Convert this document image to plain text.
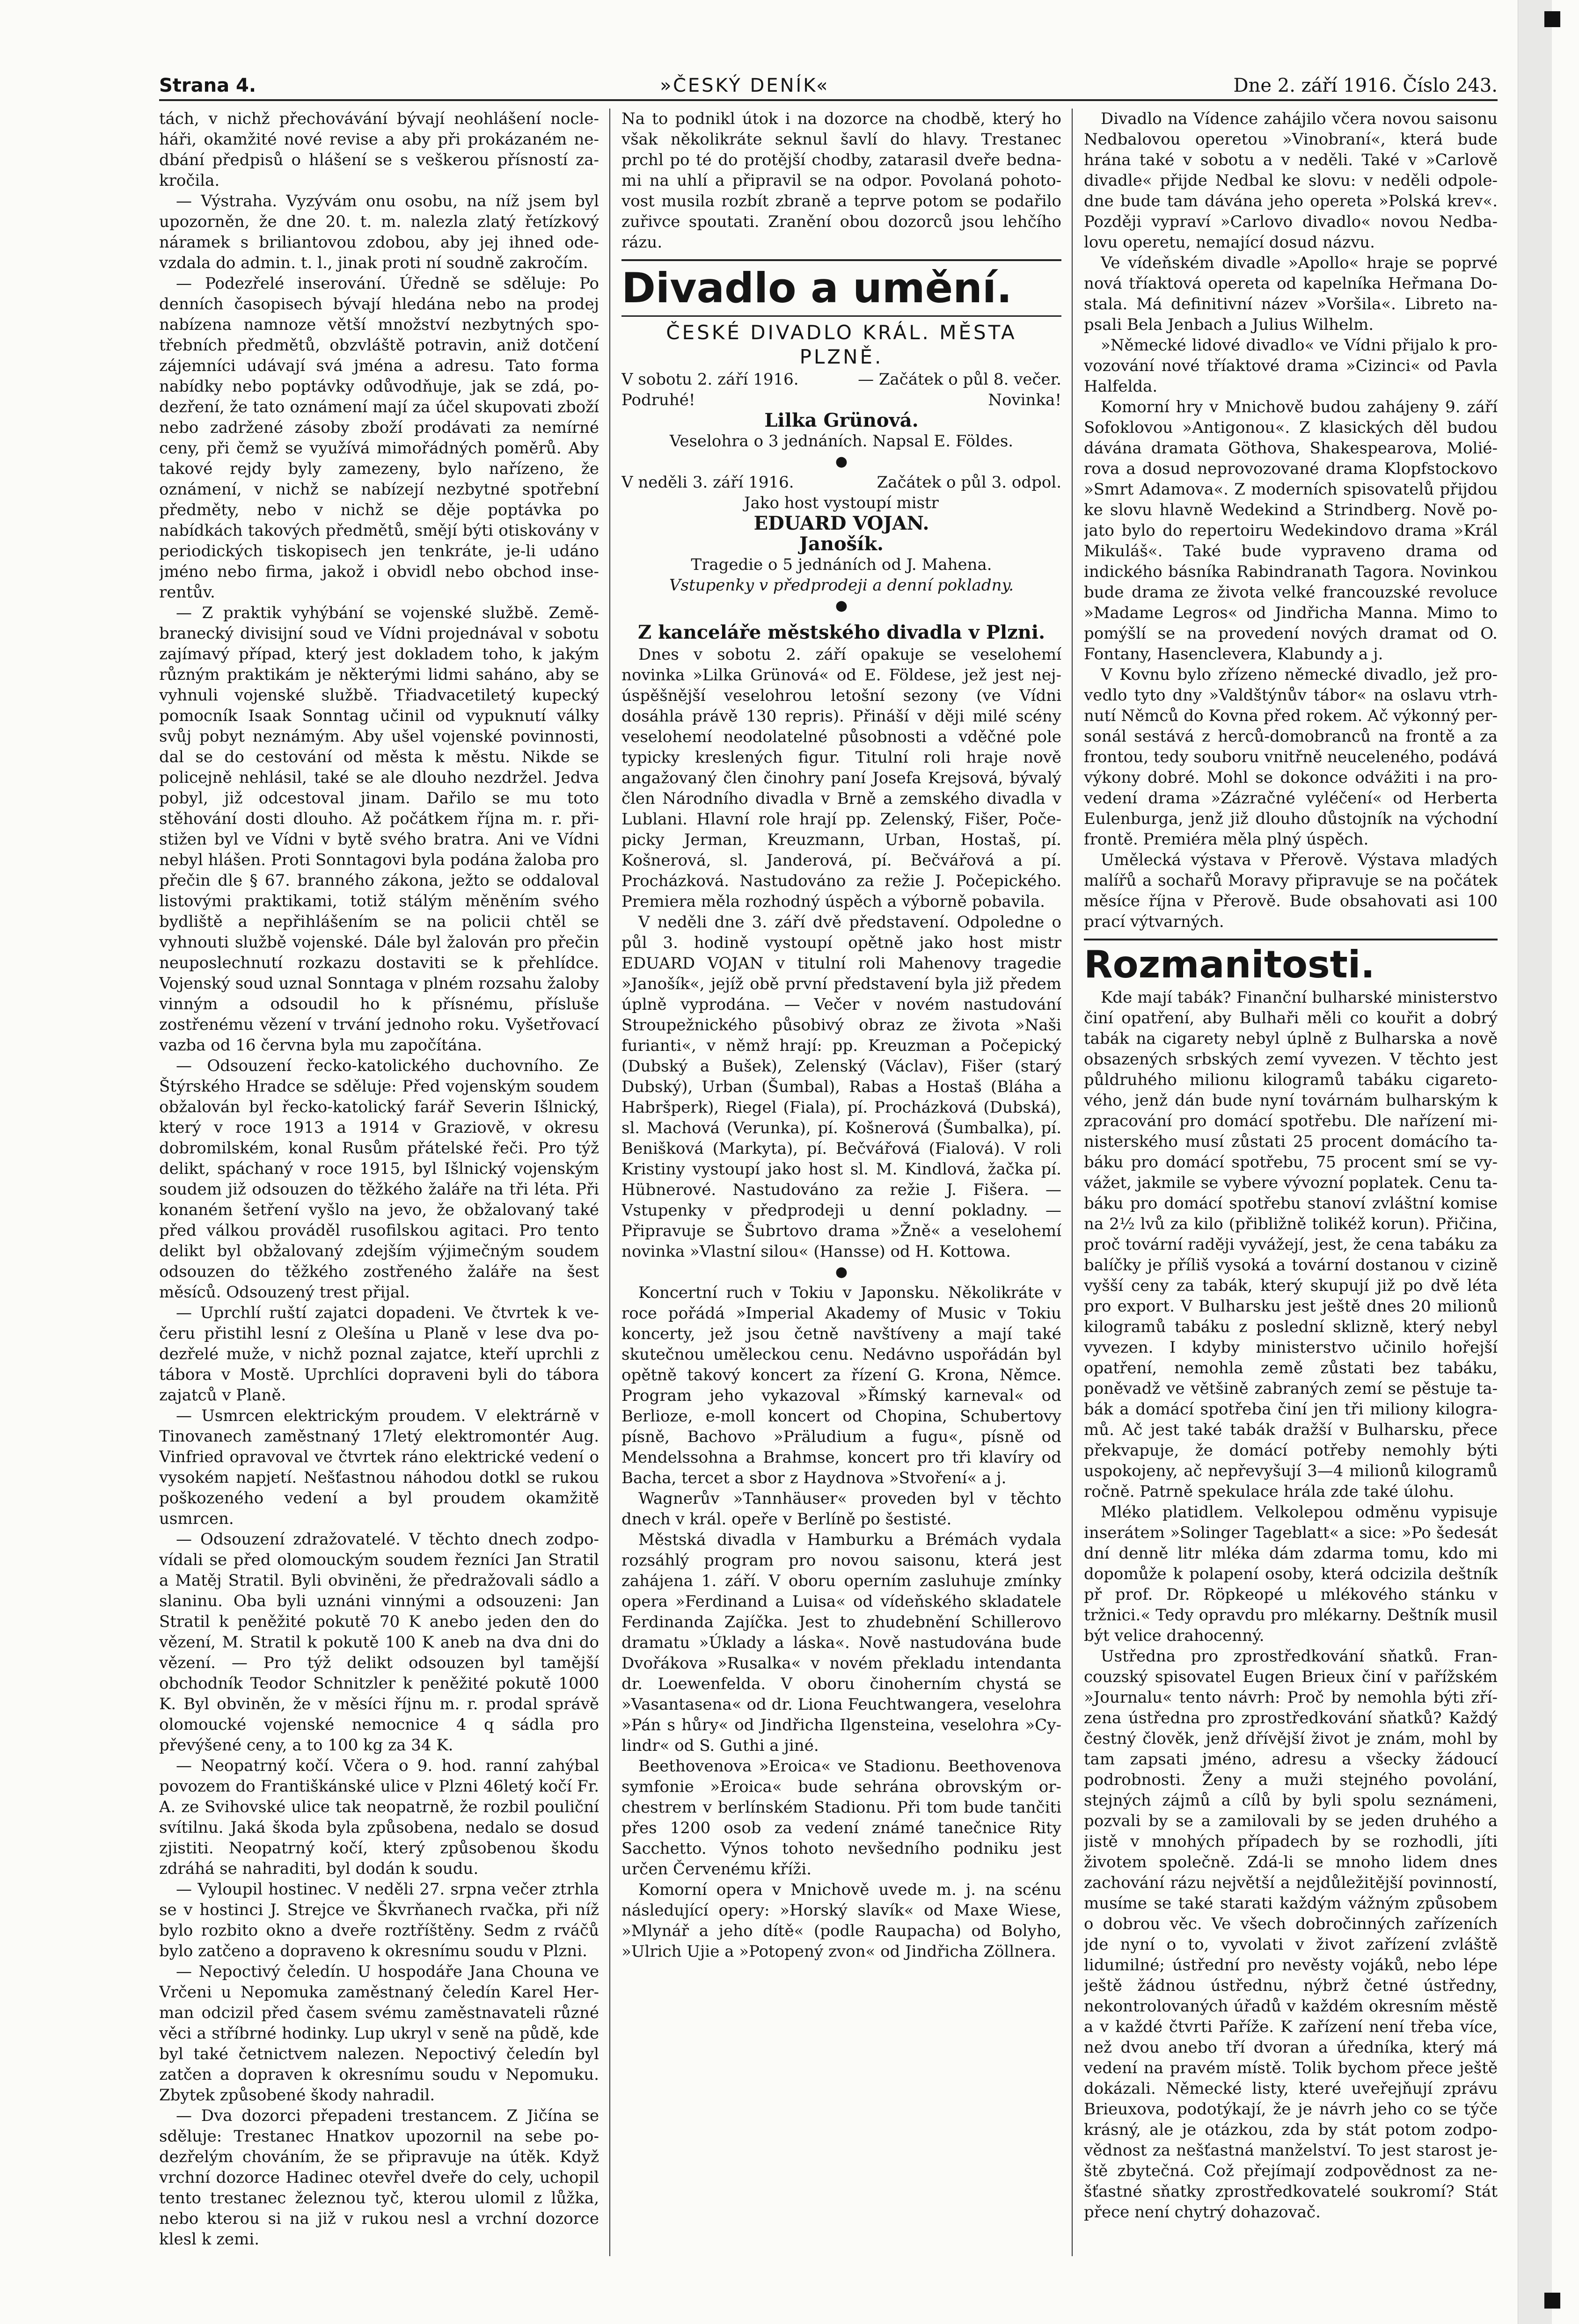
Strana 4.	»ČESKÝ DENÍK«	Dne 2. září 1916. Číslo 243.

tách, v nichž přechovávání bývají neohlášení nocleháři, okamžité nové revise a aby při prokázaném nedbání předpisů o hlášení se s veškerou přísností zakročila.

— Výstraha. Vyzývám onu osobu, na níž jsem byl upozorněn, že dne 20. t. m. nalezla zlatý řetízkový náramek s briliantovou zdobou, aby jej ihned odevzdala do admin. t. l., jinak proti ní soudně zakročím.

— Podezřelé inserování. Úředně se sděluje: Po denních časopisech bývají hledána nebo na prodej nabízena namnoze větší množství nezbytných spotřebních předmětů, obzvláště potravin, aniž dotčení zájemníci udávají svá jména a adresu. Tato forma nabídky nebo poptávky odůvodňuje, jak se zdá, podezření, že tato oznámení mají za účel skupovati zboží nebo zadržené zásoby zboží prodávati za nemírné ceny, při čemž se využívá mimořádných poměrů. Aby takové rejdy byly zamezeny, bylo nařízeno, že oznámení, v nichž se nabízejí nezbytné spotřební předměty, nebo v nichž se děje poptávka po nabídkách takových předmětů, smějí býti otiskovány v periodických tiskopisech jen tenkráte, je-li udáno jméno nebo firma, jakož i obvidl nebo obchod inserentův.

— Z praktik vyhýbání se vojenské službě. Zeměbranecký divisijní soud ve Vídni projednával v sobotu zajímavý případ, který jest dokladem toho, k jakým různým praktikám je některými lidmi saháno, aby se vyhnuli vojenské službě. Třiadvacetiletý kupecký pomocník Isaak Sonntag učinil od vypuknutí války svůj pobyt neznámým. Aby ušel vojenské povinnosti, dal se do cestování od města k městu. Nikde se policejně nehlásil, také se ale dlouho nezdržel. Jedva pobyl, již odcestoval jinam. Dařilo se mu toto stěhování dosti dlouho. Až počátkem října m. r. přistižen byl ve Vídni v bytě svého bratra. Ani ve Vídni nebyl hlášen. Proti Sonntagovi byla podána žaloba pro přečin dle § 67. branného zákona, ježto se oddaloval listovými praktikami, totiž stálým měněním svého bydliště a nepřihlášením se na policii chtěl se vyhnouti službě vojenské. Dále byl žalován pro přečin neuposlechnutí rozkazu dostaviti se k přehlídce. Vojenský soud uznal Sonntaga v plném rozsahu žaloby vinným a odsoudil ho k přísnému, přísluše zostřenému vězení v trvání jednoho roku. Vyšetřovací vazba od 16 června byla mu započítána.

— Odsouzení řecko-katolického duchovního. Ze Štýrského Hradce se sděluje: Před vojenským soudem obžalován byl řecko-katolický farář Severin Išlnický, který v roce 1913 a 1914 v Graziově, v okresu dobromilském, konal Rusům přátelské řeči. Pro týž delikt, spáchaný v roce 1915, byl Išlnický vojenským soudem již odsouzen do těžkého žaláře na tři léta. Při konaném šetření vyšlo na jevo, že obžalovaný také před válkou prováděl rusofilskou agitaci. Pro tento delikt byl obžalovaný zdejším výjimečným soudem odsouzen do těžkého zostřeného žaláře na šest měsíců. Odsouzený trest přijal.

— Uprchlí ruští zajatci dopadeni. Ve čtvrtek k večeru přistihl lesní z Olešína u Planě v lese dva podezřelé muže, v nichž poznal zajatce, kteří uprchli z tábora v Mostě. Uprchlíci dopraveni byli do tábora zajatců v Planě.

— Usmrcen elektrickým proudem. V elektrárně v Tinovanech zaměstnaný 17letý elektromontér Aug. Vinfried opravoval ve čtvrtek ráno elektrické vedení o vysokém napjetí. Nešťastnou náhodou dotkl se rukou poškozeného vedení a byl proudem okamžitě usmrcen.

— Odsouzení zdražovatelé. V těchto dnech zodpovídali se před olomouckým soudem řezníci Jan Stratil a Matěj Stratil. Byli obviněni, že předražovali sádlo a slaninu. Oba byli uznáni vinnými a odsouzeni: Jan Stratil k peněžité pokutě 70 K anebo jeden den do vězení, M. Stratil k pokutě 100 K aneb na dva dni do vězení. — Pro týž delikt odsouzen byl tamější obchodník Teodor Schnitzler k peněžité pokutě 1000 K. Byl obviněn, že v měsíci říjnu m. r. prodal správě olomoucké vojenské nemocnice 4 q sádla pro převýšené ceny, a to 100 kg za 34 K.

— Neopatrný kočí. Včera o 9. hod. ranní zahýbal povozem do Františkánské ulice v Plzni 46letý kočí Fr. A. ze Svihovské ulice tak neopatrně, že rozbil pouliční svítilnu. Jaká škoda byla způsobena, nedalo se dosud zjistiti. Neopatrný kočí, který způsobenou škodu zdráhá se nahraditi, byl dodán k soudu.

— Vyloupil hostinec. V neděli 27. srpna večer ztrhla se v hostinci J. Strejce ve Škvrňanech rvačka, při níž bylo rozbito okno a dveře roztříštěny. Sedm z rváčů bylo zatčeno a dopraveno k okresnímu soudu v Plzni.

— Nepoctivý čeledín. U hospodáře Jana Chouna ve Vrčeni u Nepomuka zaměstnaný čeledín Karel Herman odcizil před časem svému zaměstnavateli různé věci a stříbrné hodinky. Lup ukryl v seně na půdě, kde byl také četnictvem nalezen. Nepoctivý čeledín byl zatčen a dopraven k okresnímu soudu v Nepomuku. Zbytek způsobené škody nahradil.

— Dva dozorci přepadeni trestancem. Z Jičína se sděluje: Trestanec Hnatkov upozornil na sebe podezřelým chováním, že se připravuje na útěk. Když vrchní dozorce Hadinec otevřel dveře do cely, uchopil tento trestanec železnou tyč, kterou ulomil z lůžka, nebo kterou si na již v rukou nesl a vrchní dozorce klesl k zemi.

Na to podnikl útok i na dozorce na chodbě, který ho však několikráte seknul šavlí do hlavy. Trestanec prchl po té do protější chodby, zatarasil dveře bednami na uhlí a připravil se na odpor. Povolaná pohotovost musila rozbít zbraně a teprve potom se podařilo zuřivce spoutati. Zranění obou dozorců jsou lehčího rázu.

Divadlo a umění.

ČESKÉ DIVADLO KRÁL. MĚSTA PLZNĚ.

V sobotu 2. září 1916.	— Začátek o půl 8. večer.
Podruhé!	Novinka!
Lilka Grünová.

Veselohra o 3 jednáních. Napsal E. Földes.

●
V neděli 3. září 1916.	Začátek o půl 3. odpol.

Jako host vystoupí mistr

EDUARD VOJAN.
Janošík.

Tragedie o 5 jednáních od J. Mahena.

Vstupenky v předprodeji a denní pokladny.

●
Z kanceláře městského divadla v Plzni.

Dnes v sobotu 2. září opakuje se veselohemí novinka »Lilka Grünová« od E. Földese, jež jest nejúspěšnější veselohrou letošní sezony (ve Vídni dosáhla právě 130 repris). Přináší v ději milé scény veselohemí neodolatelné působnosti a vděčné pole typicky kreslených figur. Titulní roli hraje nově angažovaný člen činohry paní Josefa Krejsová, bývalý člen Národního divadla v Brně a zemského divadla v Lublani. Hlavní role hrají pp. Zelenský, Fišer, Počepicky Jerman, Kreuzmann, Urban, Hostaš, pí. Košnerová, sl. Janderová, pí. Bečvářová a pí. Procházková. Nastudováno za režie J. Počepického. Premiera měla rozhodný úspěch a výborně pobavila.

V neděli dne 3. září dvě představení. Odpoledne o půl 3. hodině vystoupí opětně jako host mistr EDUARD VOJAN v titulní roli Mahenovy tragedie »Janošík«, jejíž obě první představení byla již předem úplně vyprodána. — Večer v novém nastudování Stroupežnického působivý obraz ze života »Naši furianti«, v němž hrají: pp. Kreuzman a Počepický (Dubský a Bušek), Zelenský (Václav), Fišer (starý Dubský), Urban (Šumbal), Rabas a Hostaš (Bláha a Habršperk), Riegel (Fiala), pí. Procházková (Dubská), sl. Machová (Verunka), pí. Košnerová (Šumbalka), pí. Benišková (Markyta), pí. Bečvářová (Fialová). V roli Kristiny vystoupí jako host sl. M. Kindlová, žačka pí. Hübnerové. Nastudováno za režie J. Fišera. — Vstupenky v předprodeji u denní pokladny. — Připravuje se Šubrtovo drama »Žně« a veselohemí novinka »Vlastní silou« (Hansse) od H. Kottowa.

●

Koncertní ruch v Tokiu v Japonsku. Několikráte v roce pořádá »Imperial Akademy of Music v Tokiu koncerty, jež jsou četně navštíveny a mají také skutečnou uměleckou cenu. Nedávno uspořádán byl opětně takový koncert za řízení G. Krona, Němce. Program jeho vykazoval »Římský karneval« od Berlioze, e-moll koncert od Chopina, Schubertovy písně, Bachovo »Präludium a fugu«, písně od Mendelssohna a Brahmse, koncert pro tři klavíry od Bacha, tercet a sbor z Haydnova »Stvoření« a j.

Wagnerův »Tannhäuser« proveden byl v těchto dnech v král. opeře v Berlíně po šestisté.

Městská divadla v Hamburku a Brémách vydala rozsáhlý program pro novou saisonu, která jest zahájena 1. září. V oboru operním zasluhuje zmínky opera »Ferdinand a Luisa« od vídeňského skladatele Ferdinanda Zajíčka. Jest to zhudebnění Schillerovo dramatu »Úklady a láska«. Nově nastudována bude Dvořákova »Rusalka« v novém překladu intendanta dr. Loewenfelda. V oboru činoherním chystá se »Vasantasena« od dr. Liona Feuchtwangera, veselohra »Pán s hůry« od Jindřicha Ilgensteina, veselohra »Cylindr« od S. Guthi a jiné.

Beethovenova »Eroica« ve Stadionu. Beethovenova symfonie »Eroica« bude sehrána obrovským orchestrem v berlínském Stadionu. Při tom bude tančiti přes 1200 osob za vedení známé tanečnice Rity Sacchetto. Výnos tohoto nevšedního podniku jest určen Červenému kříži.

Komorní opera v Mnichově uvede m. j. na scénu následující opery: »Horský slavík« od Maxe Wiese, »Mlynář a jeho dítě« (podle Raupacha) od Bolyho, »Ulrich Ujie a »Potopený zvon« od Jindřicha Zöllnera.

Divadlo na Vídence zahájilo včera novou saisonu Nedbalovou operetou »Vinobraní«, která bude hrána také v sobotu a v neděli. Také v »Carlově divadle« přijde Nedbal ke slovu: v neděli odpoledne bude tam dávána jeho opereta »Polská krev«. Později vypraví »Carlovo divadlo« novou Nedbalovu operetu, nemající dosud názvu.

Ve vídeňském divadle »Apollo« hraje se poprvé nová tříaktová opereta od kapelníka Heřmana Dostala. Má definitivní název »Voršila«. Libreto napsali Bela Jenbach a Julius Wilhelm.

»Německé lidové divadlo« ve Vídni přijalo k provozování nové tříaktové drama »Cizinci« od Pavla Halfelda.

Komorní hry v Mnichově budou zahájeny 9. září Sofoklovou »Antigonou«. Z klasických děl budou dávána dramata Göthova, Shakespearova, Moliérova a dosud neprovozované drama Klopfstockovo »Smrt Adamova«. Z moderních spisovatelů přijdou ke slovu hlavně Wedekind a Strindberg. Nově pojato bylo do repertoiru Wedekindovo drama »Král Mikuláš«. Také bude vypraveno drama od indického básníka Rabindranath Tagora. Novinkou bude drama ze života velké francouzské revoluce »Madame Legros« od Jindřicha Manna. Mimo to pomýšlí se na provedení nových dramat od O. Fontany, Hasenclevera, Klabundy a j.

V Kovnu bylo zřízeno německé divadlo, jež provedlo tyto dny »Valdštýnův tábor« na oslavu vtrhnutí Němců do Kovna před rokem. Ač výkonný personál sestává z herců-domobranců na frontě a za frontou, tedy souboru vnitřně neuceleného, podává výkony dobré. Mohl se dokonce odvážiti i na provedení drama »Zázračné vyléčení« od Herberta Eulenburga, jenž již dlouho důstojník na východní frontě. Premiéra měla plný úspěch.

Umělecká výstava v Přerově. Výstava mladých malířů a sochařů Moravy připravuje se na počátek měsíce října v Přerově. Bude obsahovati asi 100 prací výtvarných.

Rozmanitosti.

Kde mají tabák? Finanční bulharské ministerstvo činí opatření, aby Bulhaři měli co kouřit a dobrý tabák na cigarety nebyl úplně z Bulharska a nově obsazených srbských zemí vyvezen. V těchto jest půldruhého milionu kilogramů tabáku cigaretového, jenž dán bude nyní továrnám bulharským k zpracování pro domácí spotřebu. Dle nařízení ministerského musí zůstati 25 procent domácího tabáku pro domácí spotřebu, 75 procent smí se vyvážet, jakmile se vybere vývozní poplatek. Cenu tabáku pro domácí spotřebu stanoví zvláštní komise na 2½ lvů za kilo (přibližně tolikéž korun). Přičina, proč tovární raději vyvážejí, jest, že cena tabáku za balíčky je příliš vysoká a tovární dostanou v cizině vyšší ceny za tabák, který skupují již po dvě léta pro export. V Bulharsku jest ještě dnes 20 milionů kilogramů tabáku z poslední sklizně, který nebyl vyvezen. I kdyby ministerstvo učinilo hořejší opatření, nemohla země zůstati bez tabáku, poněvadž ve většině zabraných zemí se pěstuje tabák a domácí spotřeba činí jen tři miliony kilogramů. Ač jest také tabák dražší v Bulharsku, přece překvapuje, že domácí potřeby nemohly býti uspokojeny, ač nepřevyšují 3—4 milionů kilogramů ročně. Patrně spekulace hrála zde také úlohu.

Mléko platidlem. Velkolepou odměnu vypisuje inserátem »Solinger Tageblatt« a sice: »Po šedesát dní denně litr mléka dám zdarma tomu, kdo mi dopomůže k polapení osoby, která odcizila deštník př prof. Dr. Röpkeopé u mlékového stánku v tržnici.« Tedy opravdu pro mlékarny. Deštník musil být velice drahocenný.

Ustředna pro zprostředkování sňatků. Francouzský spisovatel Eugen Brieux činí v pařížském »Journalu« tento návrh: Proč by nemohla býti zřízena ústředna pro zprostředkování sňatků? Každý čestný člověk, jenž dřívější život je znám, mohl by tam zapsati jméno, adresu a všecky žádoucí podrobnosti. Ženy a muži stejného povolání, stejných zájmů a cílů by byli spolu seznámeni, pozvali by se a zamilovali by se jeden druhého a jistě v mnohých případech by se rozhodli, jíti životem společně. Zdá-li se mnoho lidem dnes zachování rázu největší a nejdůležitější povinností, musíme se také starati každým vážným způsobem o dobrou věc. Ve všech dobročinných zařízeních jde nyní o to, vyvolati v život zařízení zvláště lidumilné; ústřední pro nevěsty vojáků, nebo lépe ještě žádnou ústřednu, nýbrž četné ústředny, nekontrolovaných úřadů v každém okresním městě a v každé čtvrti Paříže. K zařízení není třeba více, než dvou anebo tří dvoran a úředníka, který má vedení na pravém místě. Tolik bychom přece ještě dokázali. Německé listy, které uveřejňují zprávu Brieuxova, podotýkají, že je návrh jeho co se týče krásný, ale je otázkou, zda by stát potom zodpovědnost za nešťastná manželství. To jest starost ještě zbytečná. Což přejímají zodpovědnost za nešťastné sňatky zprostředkovatelé soukromí? Stát přece není chytrý dohazovač.
